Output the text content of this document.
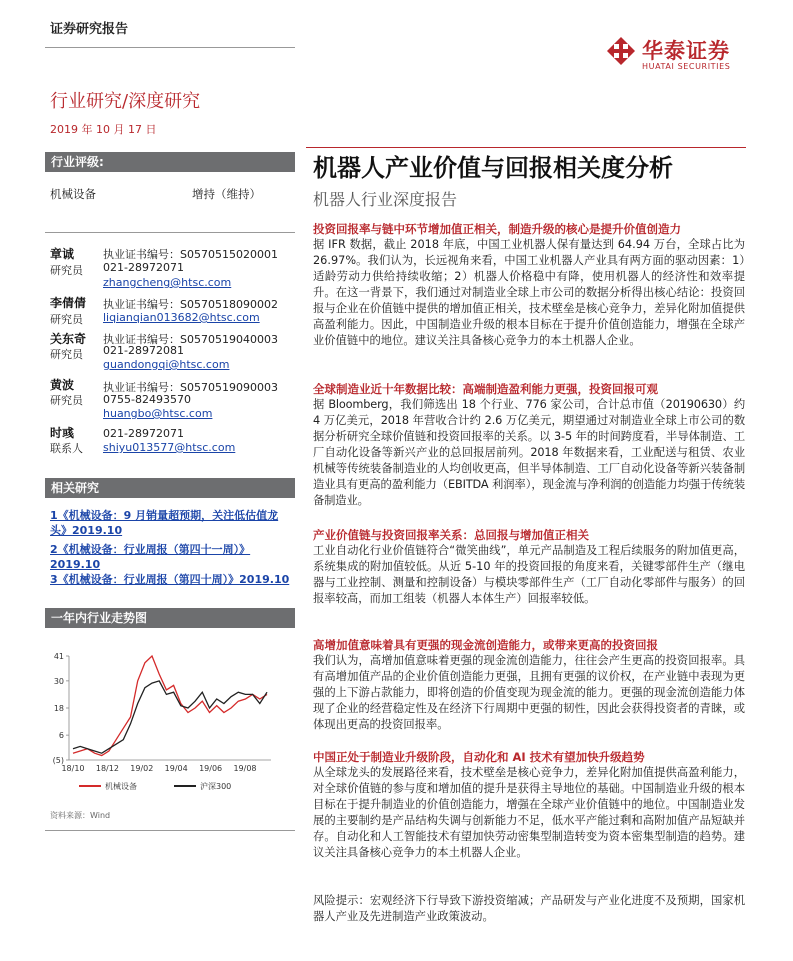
证券研究报告
行业研究/深度研究
2019 年 10 月 17 日
华泰证券
HUATAI SECURITIES
行业评级:
机械设备	增持（维持）
章诚
研究员
执业证书编号：S0570515020001
021-28972071
zhangcheng@htsc.com
李倩倩
研究员
执业证书编号：S0570518090002
liqianqian013682@htsc.com
关东奇
研究员
执业证书编号：S0570519040003
021-28972081
guandongqi@htsc.com
黄波
研究员
执业证书编号：S0570519090003
0755-82493570
huangbo@htsc.com
时彧
联系人
021-28972071
shiyu013577@htsc.com
相关研究
1《机械设备：9 月销量超预期，关注低估值龙头》2019.10
2《机械设备：行业周报（第四十一周）》2019.10
3《机械设备：行业周报（第四十周）》2019.10
一年内行业走势图
41
30
18
6
(5)
18/10 18/12 19/02 19/04 19/06 19/08
机械设备	沪深300
资料来源：Wind
机器人产业价值与回报相关度分析
机器人行业深度报告
投资回报率与链中环节增加值正相关，制造升级的核心是提升价值创造力
据 IFR 数据，截止 2018 年底，中国工业机器人保有量达到 64.94 万台，全球占比为 26.97%。我们认为，长远视角来看，中国工业机器人产业具有两方面的驱动因素：1）适龄劳动力供给持续收缩；2）机器人价格稳中有降，使用机器人的经济性和效率提升。在这一背景下，我们通过对制造业全球上市公司的数据分析得出核心结论：投资回报与企业在价值链中提供的增加值正相关，技术壁垒是核心竞争力，差异化附加值提供高盈利能力。因此，中国制造业升级的根本目标在于提升价值创造能力，增强在全球产业价值链中的地位。建议关注具备核心竞争力的本土机器人企业。
全球制造业近十年数据比较：高端制造盈利能力更强，投资回报可观
据 Bloomberg，我们筛选出 18 个行业、776 家公司，合计总市值（20190630）约 4 万亿美元，2018 年营收合计约 2.6 万亿美元，期望通过对制造业全球上市公司的数据分析研究全球价值链和投资回报率的关系。以 3-5 年的时间跨度看，半导体制造、工厂自动化设备等新兴产业的总回报居前列。2018 年数据来看，工业配送与租赁、农业机械等传统装备制造业的人均创收更高，但半导体制造、工厂自动化设备等新兴装备制造业具有更高的盈利能力（EBITDA 利润率），现金流与净利润的创造能力均强于传统装备制造业。
产业价值链与投资回报率关系：总回报与增加值正相关
工业自动化行业价值链符合“微笑曲线”，单元产品制造及工程后续服务的附加值更高，系统集成的附加值较低。从近 5-10 年的投资回报的角度来看，关键零部件生产（继电器与工业控制、测量和控制设备）与模块零部件生产（工厂自动化零部件与服务）的回报率较高，而加工组装（机器人本体生产）回报率较低。
高增加值意味着具有更强的现金流创造能力，或带来更高的投资回报
我们认为，高增加值意味着更强的现金流创造能力，往往会产生更高的投资回报率。具有高增加值产品的企业价值创造能力更强，且拥有更强的议价权，在产业链中表现为更强的上下游占款能力，即将创造的价值变现为现金流的能力。更强的现金流创造能力体现了企业的经营稳定性及在经济下行周期中更强的韧性，因此会获得投资者的青睐，或体现出更高的投资回报率。
中国正处于制造业升级阶段，自动化和 AI 技术有望加快升级趋势
从全球龙头的发展路径来看，技术壁垒是核心竞争力，差异化附加值提供高盈利能力，对全球价值链的参与度和增加值的提升是获得主导地位的基础。中国制造业升级的根本目标在于提升制造业的价值创造能力，增强在全球产业价值链中的地位。中国制造业发展的主要制约是产品结构失调与创新能力不足，低水平产能过剩和高附加值产品短缺并存。自动化和人工智能技术有望加快劳动密集型制造转变为资本密集型制造的趋势。建议关注具备核心竞争力的本土机器人企业。
风险提示：宏观经济下行导致下游投资缩减；产品研发与产业化进度不及预期，国家机器人产业及先进制造产业政策波动。
